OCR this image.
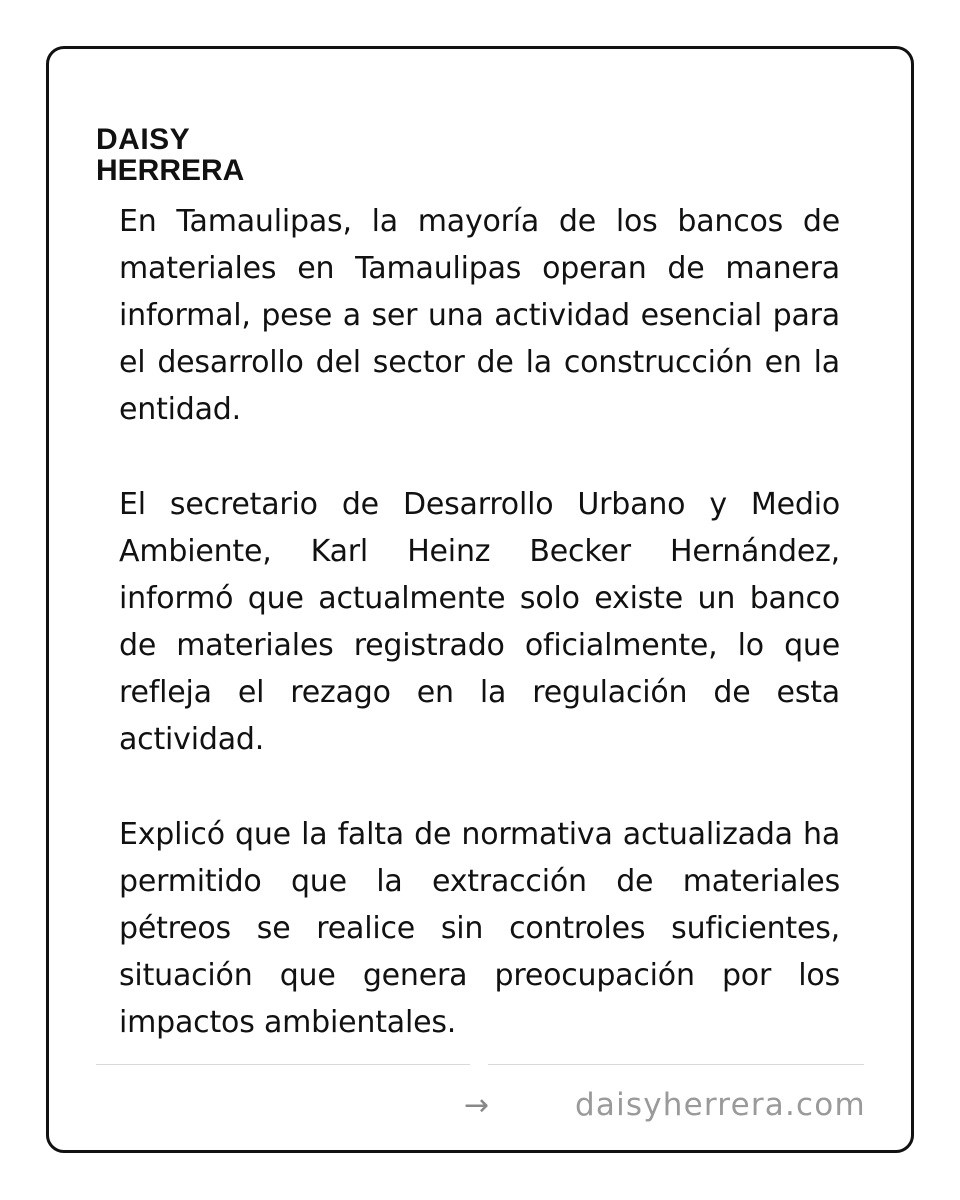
DAISY
HERRERA

En Tamaulipas, la mayoría de los bancos de materiales en Tamaulipas operan de manera informal, pese a ser una actividad esencial para el desarrollo del sector de la construcción en la entidad.

El secretario de Desarrollo Urbano y Medio Ambiente, Karl Heinz Becker Hernández, informó que actualmente solo existe un banco de materiales registrado oficialmente, lo que refleja el rezago en la regulación de esta actividad.

Explicó que la falta de normativa actualizada ha permitido que la extracción de materiales pétreos se realice sin controles suficientes, situación que genera preocupación por los impactos ambientales.

→	daisyherrera.com
